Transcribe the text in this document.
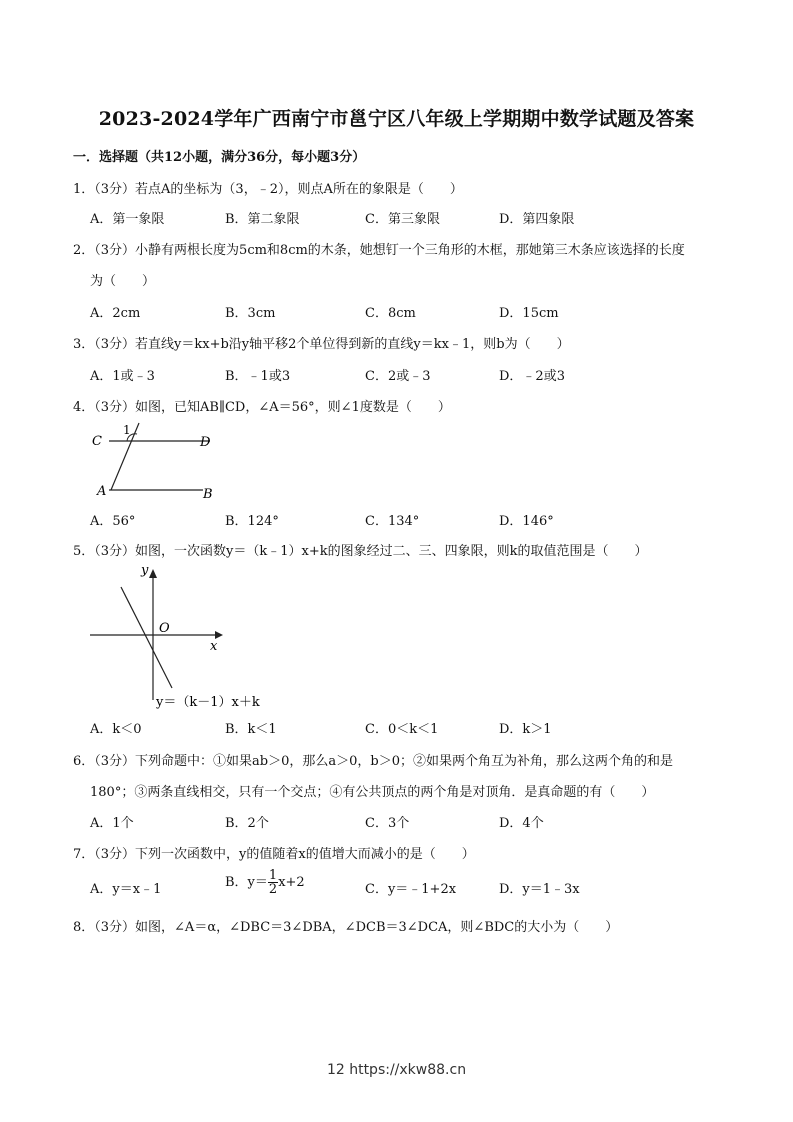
2023-2024学年广西南宁市邕宁区八年级上学期期中数学试题及答案
一．选择题（共12小题，满分36分，每小题3分）
1．（3分）若点A的坐标为（3，﹣2），则点A所在的象限是（　　）
A．第一象限	B．第二象限	C．第三象限	D．第四象限
2．（3分）小静有两根长度为5cm和8cm的木条，她想钉一个三角形的木框，那她第三木条应该选择的长度
为（　　）
A．2cm	B．3cm	C．8cm	D．15cm
3．（3分）若直线y＝kx+b沿y轴平移2个单位得到新的直线y＝kx﹣1，则b为（　　）
A．1或﹣3	B．﹣1或3	C．2或﹣3	D．﹣2或3
4．（3分）如图，已知AB∥CD，∠A＝56°，则∠1度数是（　　）
C
1
D
A	B
A．56°	B．124°	C．134°	D．146°
5．（3分）如图，一次函数y＝（k﹣1）x+k的图象经过二、三、四象限，则k的取值范围是（　　）
y
O
x
y＝（k－1）x＋k
A．k＜0	B．k＜1	C．0＜k＜1	D．k＞1
6．（3分）下列命题中：①如果ab＞0，那么a＞0，b＞0；②如果两个角互为补角，那么这两个角的和是
180°；③两条直线相交，只有一个交点；④有公共顶点的两个角是对顶角．是真命题的有（　　）
A．1个	B．2个	C．3个	D．4个
7．（3分）下列一次函数中，y的值随着x的值增大而减小的是（　　）
A．y＝x﹣1	B．$y= \frac{1}{2} x+2$	C．y＝﹣1+2x	D．y＝1﹣3x
8．（3分）如图，∠A＝α，∠DBC＝3∠DBA，∠DCB＝3∠DCA，则∠BDC的大小为（　　）
12 https://xkw88.cn
